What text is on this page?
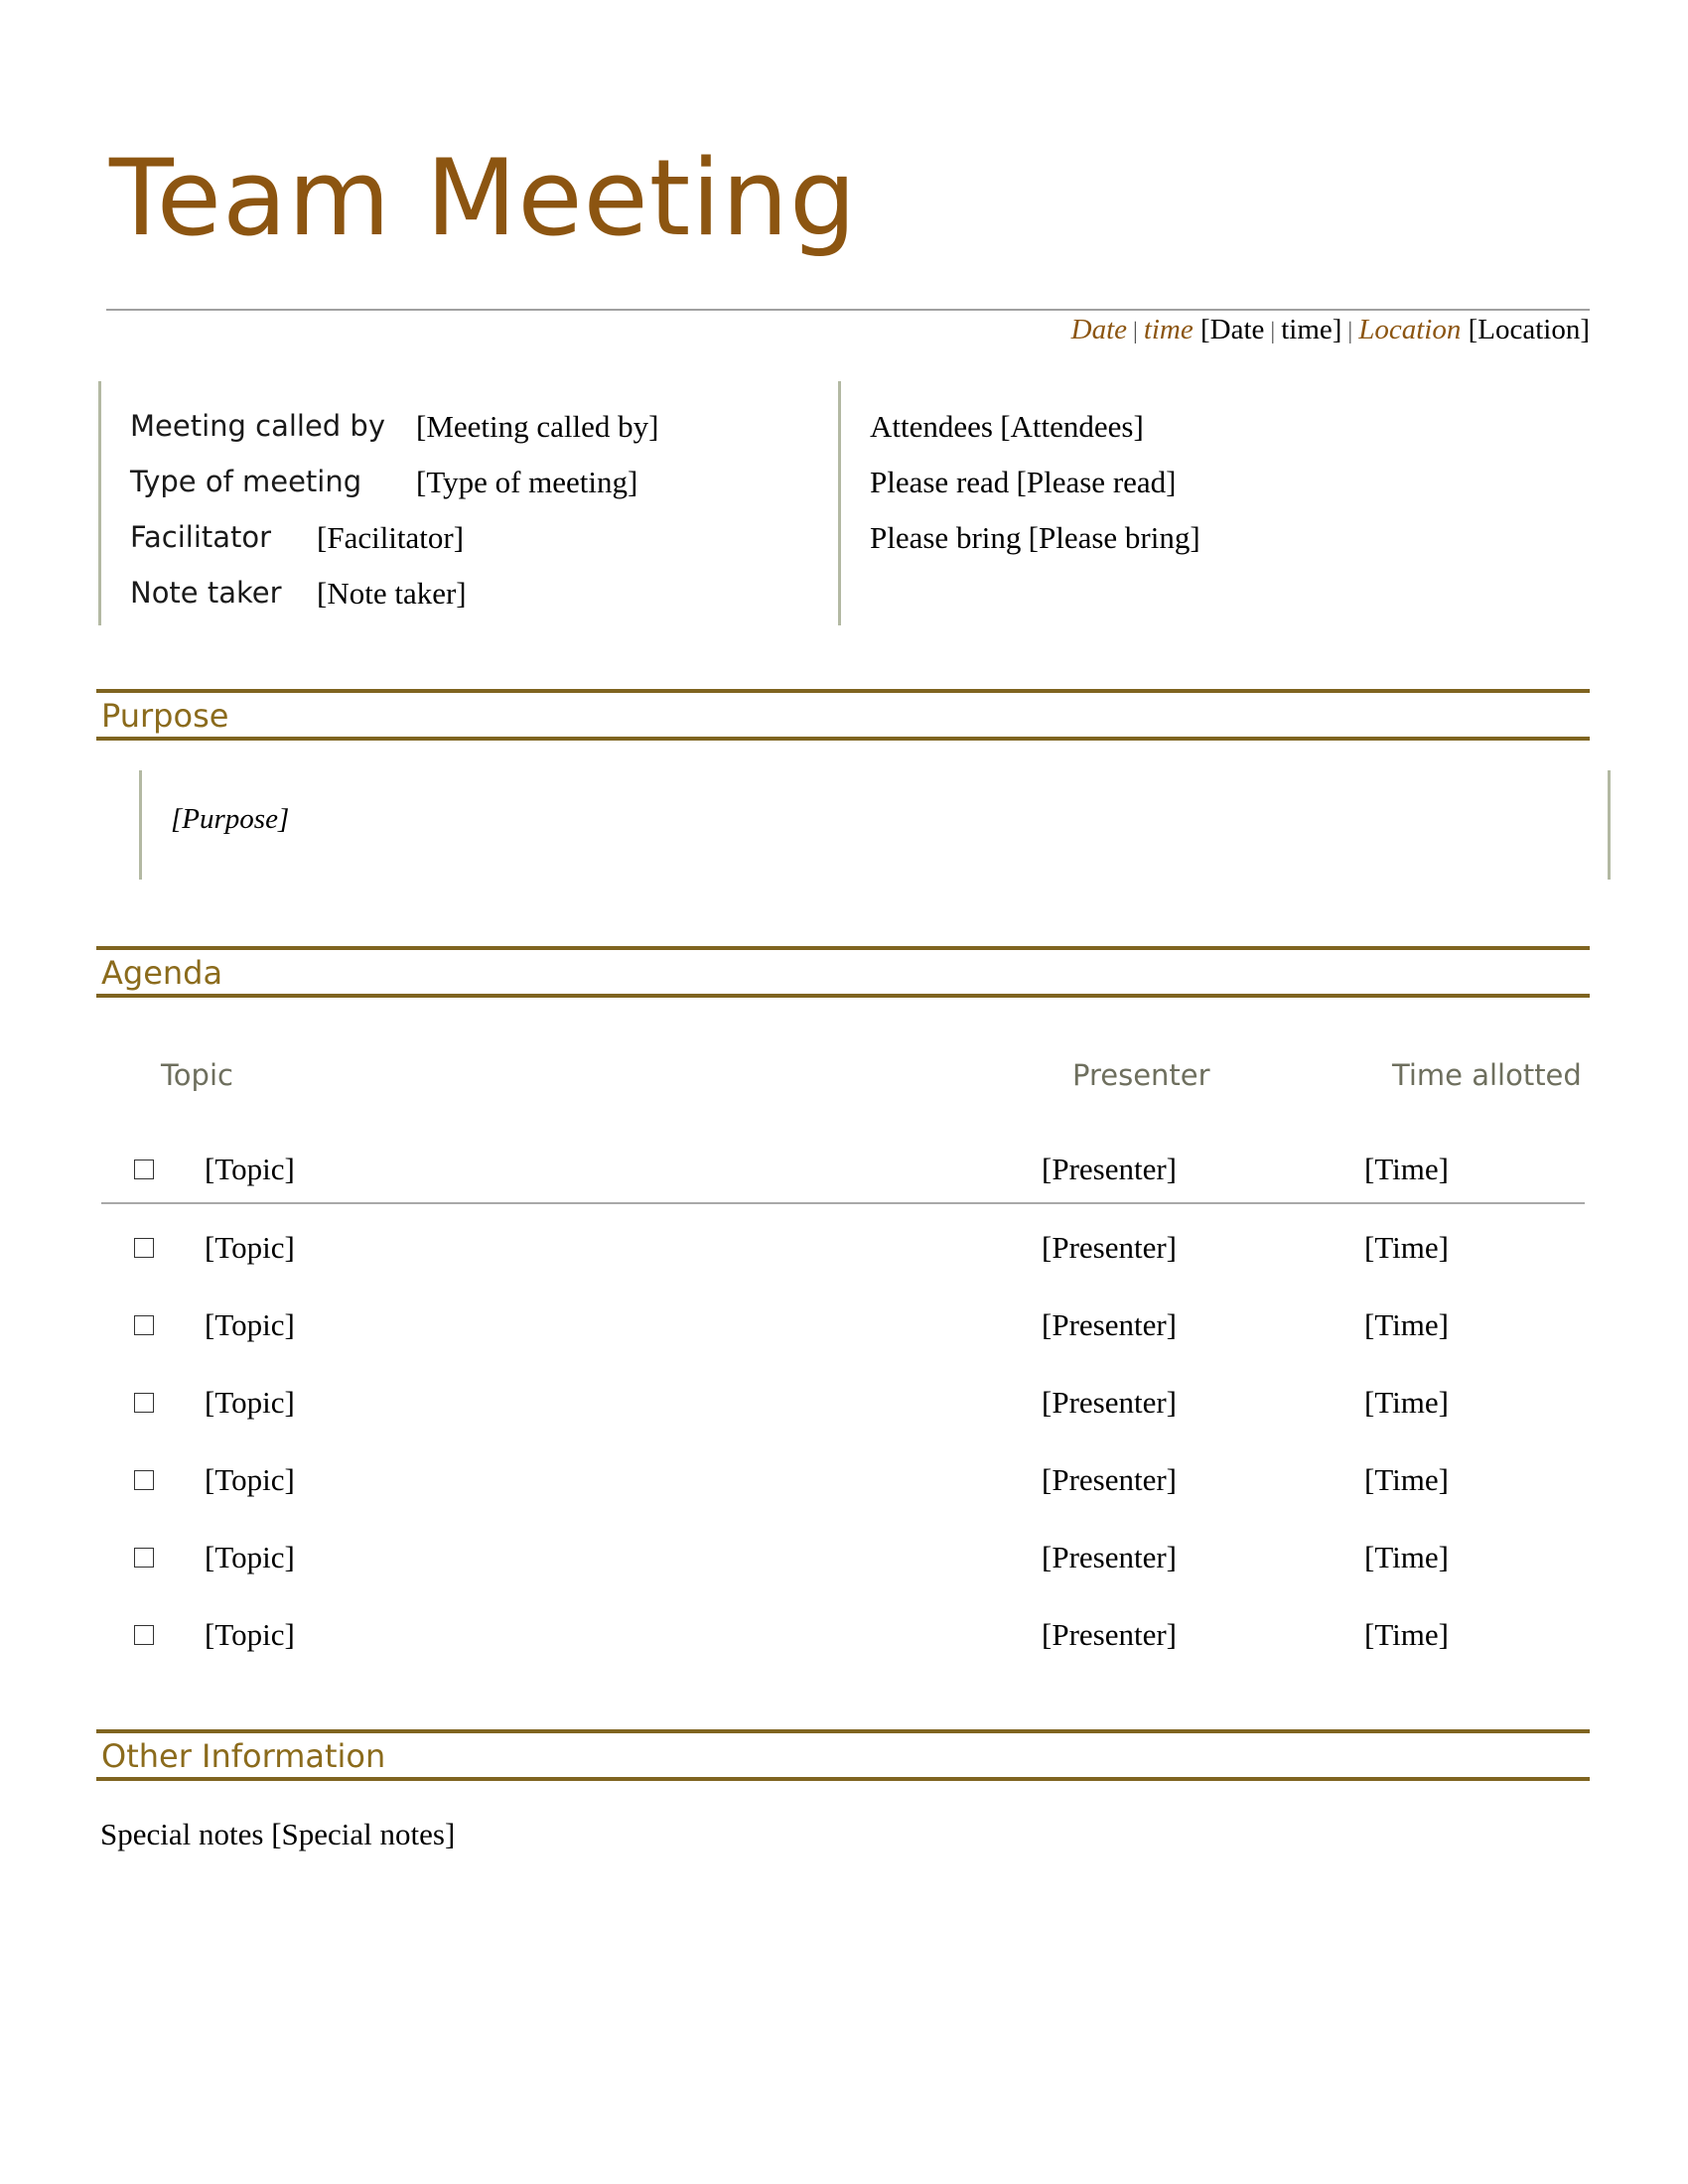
Team Meeting
Date | time [Date | time] | Location [Location]
Meeting called by [Meeting called by]
Type of meeting [Type of meeting]
Facilitator [Facilitator]
Note taker [Note taker]
Attendees [Attendees]
Please read [Please read]
Please bring [Please bring]
Purpose
[Purpose]
Agenda
Topic	Presenter	Time allotted
[Topic]	[Presenter]	[Time]
[Topic]	[Presenter]	[Time]
[Topic]	[Presenter]	[Time]
[Topic]	[Presenter]	[Time]
[Topic]	[Presenter]	[Time]
[Topic]	[Presenter]	[Time]
[Topic]	[Presenter]	[Time]
Other Information
Special notes [Special notes]
